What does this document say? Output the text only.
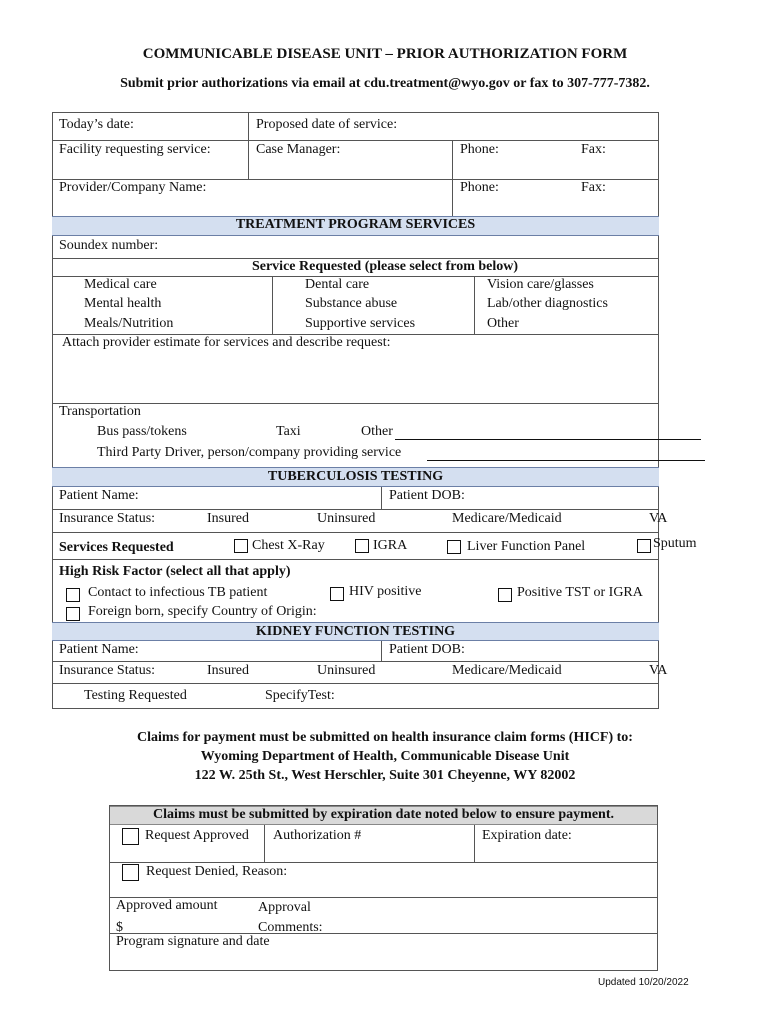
COMMUNICABLE DISEASE UNIT – PRIOR AUTHORIZATION FORM
Submit prior authorizations via email at cdu.treatment@wyo.gov or fax to 307-777-7382.
Today’s date:	Proposed date of service:
Facility requesting service:	Case Manager:	Phone:	Fax:
Provider/Company Name:	Phone:	Fax:
TREATMENT PROGRAM SERVICES
Soundex number:
Service Requested (please select from below)
Medical care	Dental care	Vision care/glasses
Mental health	Substance abuse	Lab/other diagnostics
Meals/Nutrition	Supportive services	Other
Attach provider estimate for services and describe request:
Transportation
Bus pass/tokens	Taxi	Other
Third Party Driver, person/company providing service
TUBERCULOSIS TESTING
Patient Name:	Patient DOB:
Insurance Status:	Insured	Uninsured	Medicare/Medicaid	VA
Services Requested	Chest X-Ray	IGRA	Liver Function Panel	Sputum
High Risk Factor (select all that apply)
Contact to infectious TB patient	HIV positive	Positive TST or IGRA
Foreign born, specify Country of Origin:
KIDNEY FUNCTION TESTING
Patient Name:	Patient DOB:
Insurance Status:	Insured	Uninsured	Medicare/Medicaid	VA
Testing Requested	SpecifyTest:
Claims for payment must be submitted on health insurance claim forms (HICF) to:
Wyoming Department of Health, Communicable Disease Unit
122 W. 25th St., West Herschler, Suite 301 Cheyenne, WY 82002
Claims must be submitted by expiration date noted below to ensure payment.
Request Approved Authorization #	Expiration date:
Request Denied, Reason:
Approved amount
$
Approval
Comments:
Program signature and date
Updated 10/20/2022
